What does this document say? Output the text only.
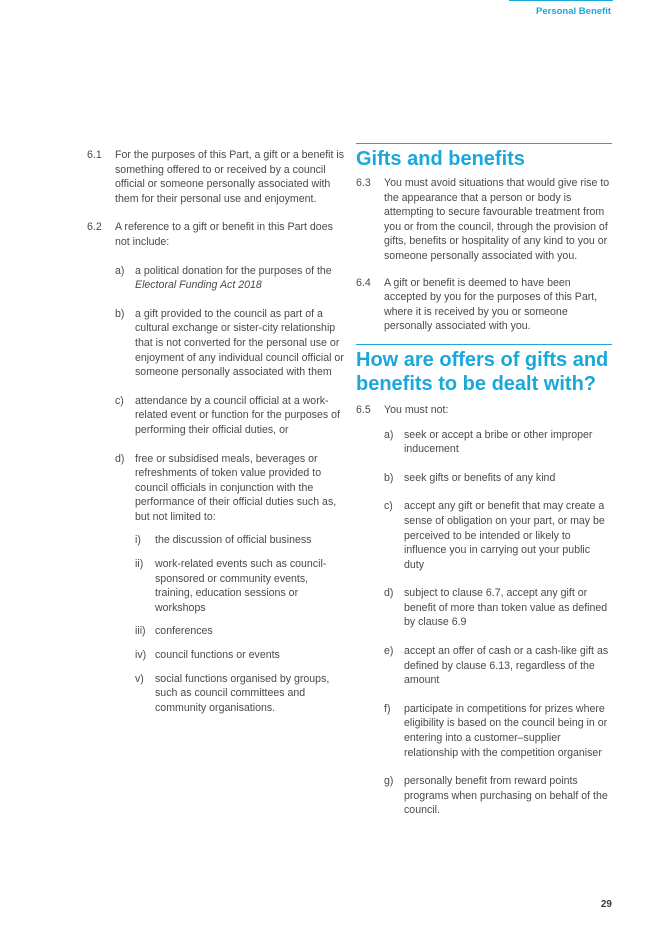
Personal Benefit
6.1	For the purposes of this Part, a gift or a benefit is something offered to or received by a council official or someone personally associated with them for their personal use and enjoyment.
6.2	A reference to a gift or benefit in this Part does not include:
a) a political donation for the purposes of the Electoral Funding Act 2018
b) a gift provided to the council as part of a cultural exchange or sister-city relationship that is not converted for the personal use or enjoyment of any individual council official or someone personally associated with them
c)	attendance by a council official at a work-related event or function for the purposes of performing their official duties, or
d) free or subsidised meals, beverages or refreshments of token value provided to council officials in conjunction with the performance of their official duties such as, but not limited to:
i)	the discussion of official business
ii)	work-related events such as council-sponsored or community events, training, education sessions or workshops
iii) conferences
iv) council functions or events
v)	social functions organised by groups, such as council committees and community organisations.
Gifts and benefits
6.3	You must avoid situations that would give rise to the appearance that a person or body is attempting to secure favourable treatment from you or from the council, through the provision of gifts, benefits or hospitality of any kind to you or someone personally associated with you.
6.4	A gift or benefit is deemed to have been accepted by you for the purposes of this Part, where it is received by you or someone personally associated with you.
How are offers of gifts and benefits to be dealt with?
6.5	You must not:
a) seek or accept a bribe or other improper inducement
b) seek gifts or benefits of any kind
c)	accept any gift or benefit that may create a sense of obligation on your part, or may be perceived to be intended or likely to influence you in carrying out your public duty
d) subject to clause 6.7, accept any gift or benefit of more than token value as defined by clause 6.9
e) accept an offer of cash or a cash-like gift as defined by clause 6.13, regardless of the amount
f)	participate in competitions for prizes where eligibility is based on the council being in or entering into a customer–supplier relationship with the competition organiser
g) personally benefit from reward points programs when purchasing on behalf of the council.
29
